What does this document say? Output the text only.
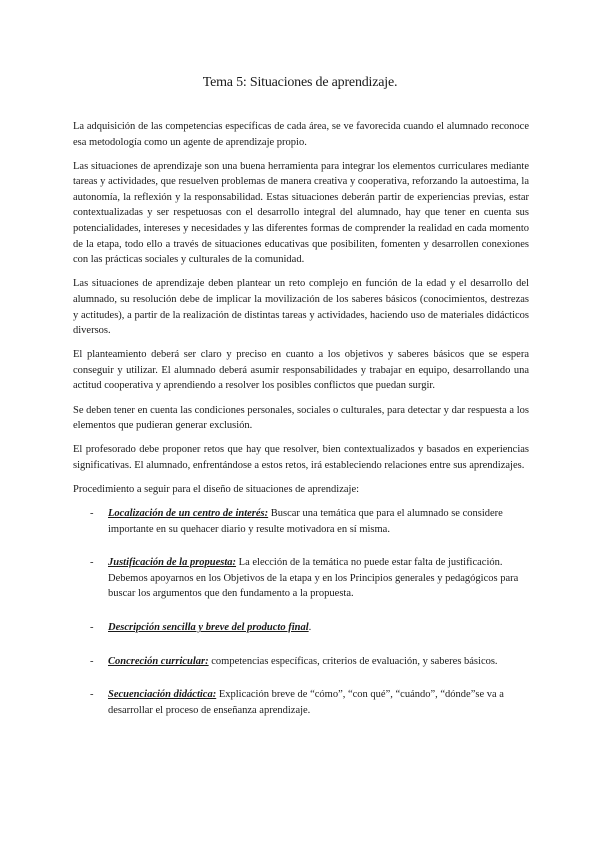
Tema 5: Situaciones de aprendizaje.

La adquisición de las competencias específicas de cada área, se ve favorecida cuando el alumnado reconoce esa metodología como un agente de aprendizaje propio.

Las situaciones de aprendizaje son una buena herramienta para integrar los elementos curriculares mediante tareas y actividades, que resuelven problemas de manera creativa y cooperativa, reforzando la autoestima, la autonomía, la reflexión y la responsabilidad. Estas situaciones deberán partir de experiencias previas, estar contextualizadas y ser respetuosas con el desarrollo integral del alumnado, hay que tener en cuenta sus potencialidades, intereses y necesidades y las diferentes formas de comprender la realidad en cada momento de la etapa, todo ello a través de situaciones educativas que posibiliten, fomenten y desarrollen conexiones con las prácticas sociales y culturales de la comunidad.

Las situaciones de aprendizaje deben plantear un reto complejo en función de la edad y el desarrollo del alumnado, su resolución debe de implicar la movilización de los saberes básicos (conocimientos, destrezas y actitudes), a partir de la realización de distintas tareas y actividades, haciendo uso de materiales didácticos diversos.

El planteamiento deberá ser claro y preciso en cuanto a los objetivos y saberes básicos que se espera conseguir y utilizar. El alumnado deberá asumir responsabilidades y trabajar en equipo, desarrollando una actitud cooperativa y aprendiendo a resolver los posibles conflictos que puedan surgir.

Se deben tener en cuenta las condiciones personales, sociales o culturales, para detectar y dar respuesta a los elementos que pudieran generar exclusión.

El profesorado debe proponer retos que hay que resolver, bien contextualizados y basados en experiencias significativas. El alumnado, enfrentándose a estos retos, irá estableciendo relaciones entre sus aprendizajes.

Procedimiento a seguir para el diseño de situaciones de aprendizaje:

- Localización de un centro de interés: Buscar una temática que para el alumnado se considere importante en su quehacer diario y resulte motivadora en sí misma.
- Justificación de la propuesta: La elección de la temática no puede estar falta de justificación. Debemos apoyarnos en los Objetivos de la etapa y en los Principios generales y pedagógicos para buscar los argumentos que den fundamento a la propuesta.
- Descripción sencilla y breve del producto final.
- Concreción curricular: competencias específicas, criterios de evaluación, y saberes básicos.
- Secuenciación didáctica: Explicación breve de “cómo”, “con qué”, “cuándo”, “dónde”se va a desarrollar el proceso de enseñanza aprendizaje.
